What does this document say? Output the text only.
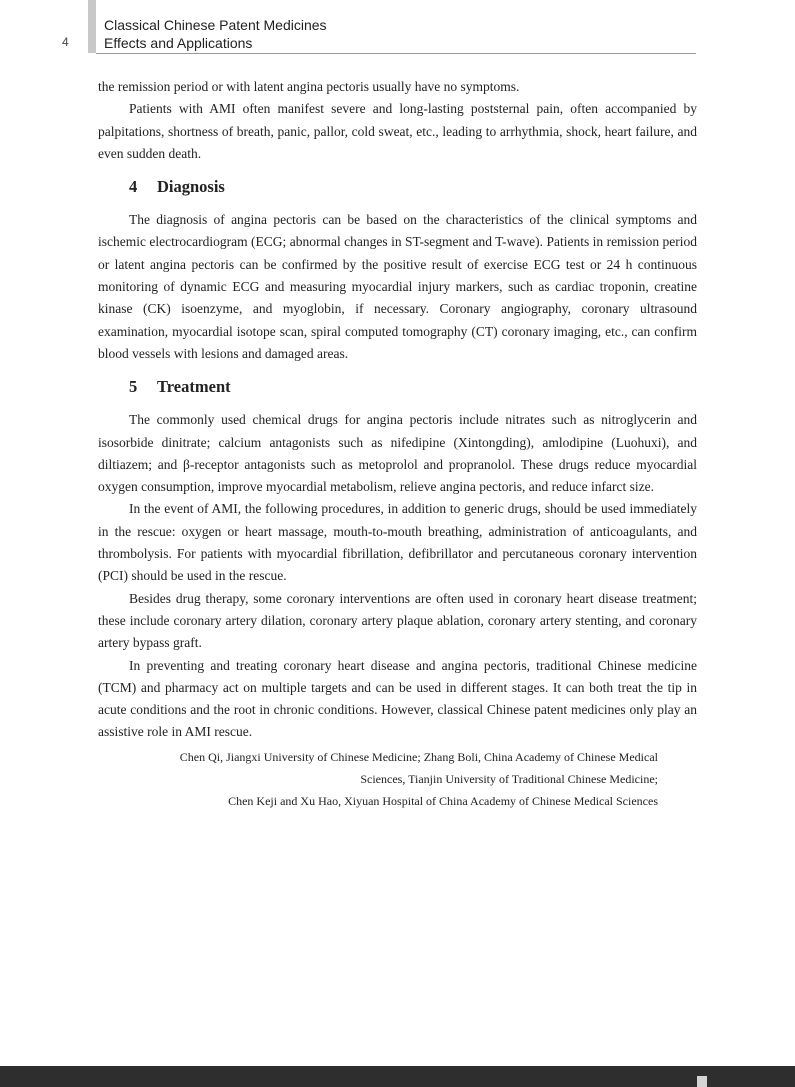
4
Classical Chinese Patent Medicines
Effects and Applications

the remission period or with latent angina pectoris usually have no symptoms.

Patients with AMI often manifest severe and long-lasting poststernal pain, often accompanied by palpitations, shortness of breath, panic, pallor, cold sweat, etc., leading to arrhythmia, shock, heart failure, and even sudden death.

4 Diagnosis

The diagnosis of angina pectoris can be based on the characteristics of the clinical symptoms and ischemic electrocardiogram (ECG; abnormal changes in ST-segment and T-wave). Patients in remission period or latent angina pectoris can be confirmed by the positive result of exercise ECG test or 24 h continuous monitoring of dynamic ECG and measuring myocardial injury markers, such as cardiac troponin, creatine kinase (CK) isoenzyme, and myoglobin, if necessary. Coronary angiography, coronary ultrasound examination, myocardial isotope scan, spiral computed tomography (CT) coronary imaging, etc., can confirm blood vessels with lesions and damaged areas.

5 Treatment

The commonly used chemical drugs for angina pectoris include nitrates such as nitroglycerin and isosorbide dinitrate; calcium antagonists such as nifedipine (Xintongding), amlodipine (Luohuxi), and diltiazem; and β-receptor antagonists such as metoprolol and propranolol. These drugs reduce myocardial oxygen consumption, improve myocardial metabolism, relieve angina pectoris, and reduce infarct size.

In the event of AMI, the following procedures, in addition to generic drugs, should be used immediately in the rescue: oxygen or heart massage, mouth-to-mouth breathing, administration of anticoagulants, and thrombolysis. For patients with myocardial fibrillation, defibrillator and percutaneous coronary intervention (PCI) should be used in the rescue.

Besides drug therapy, some coronary interventions are often used in coronary heart disease treatment; these include coronary artery dilation, coronary artery plaque ablation, coronary artery stenting, and coronary artery bypass graft.

In preventing and treating coronary heart disease and angina pectoris, traditional Chinese medicine (TCM) and pharmacy act on multiple targets and can be used in different stages. It can both treat the tip in acute conditions and the root in chronic conditions. However, classical Chinese patent medicines only play an assistive role in AMI rescue.

Chen Qi, Jiangxi University of Chinese Medicine; Zhang Boli, China Academy of Chinese Medical
Sciences, Tianjin University of Traditional Chinese Medicine;
Chen Keji and Xu Hao, Xiyuan Hospital of China Academy of Chinese Medical Sciences
